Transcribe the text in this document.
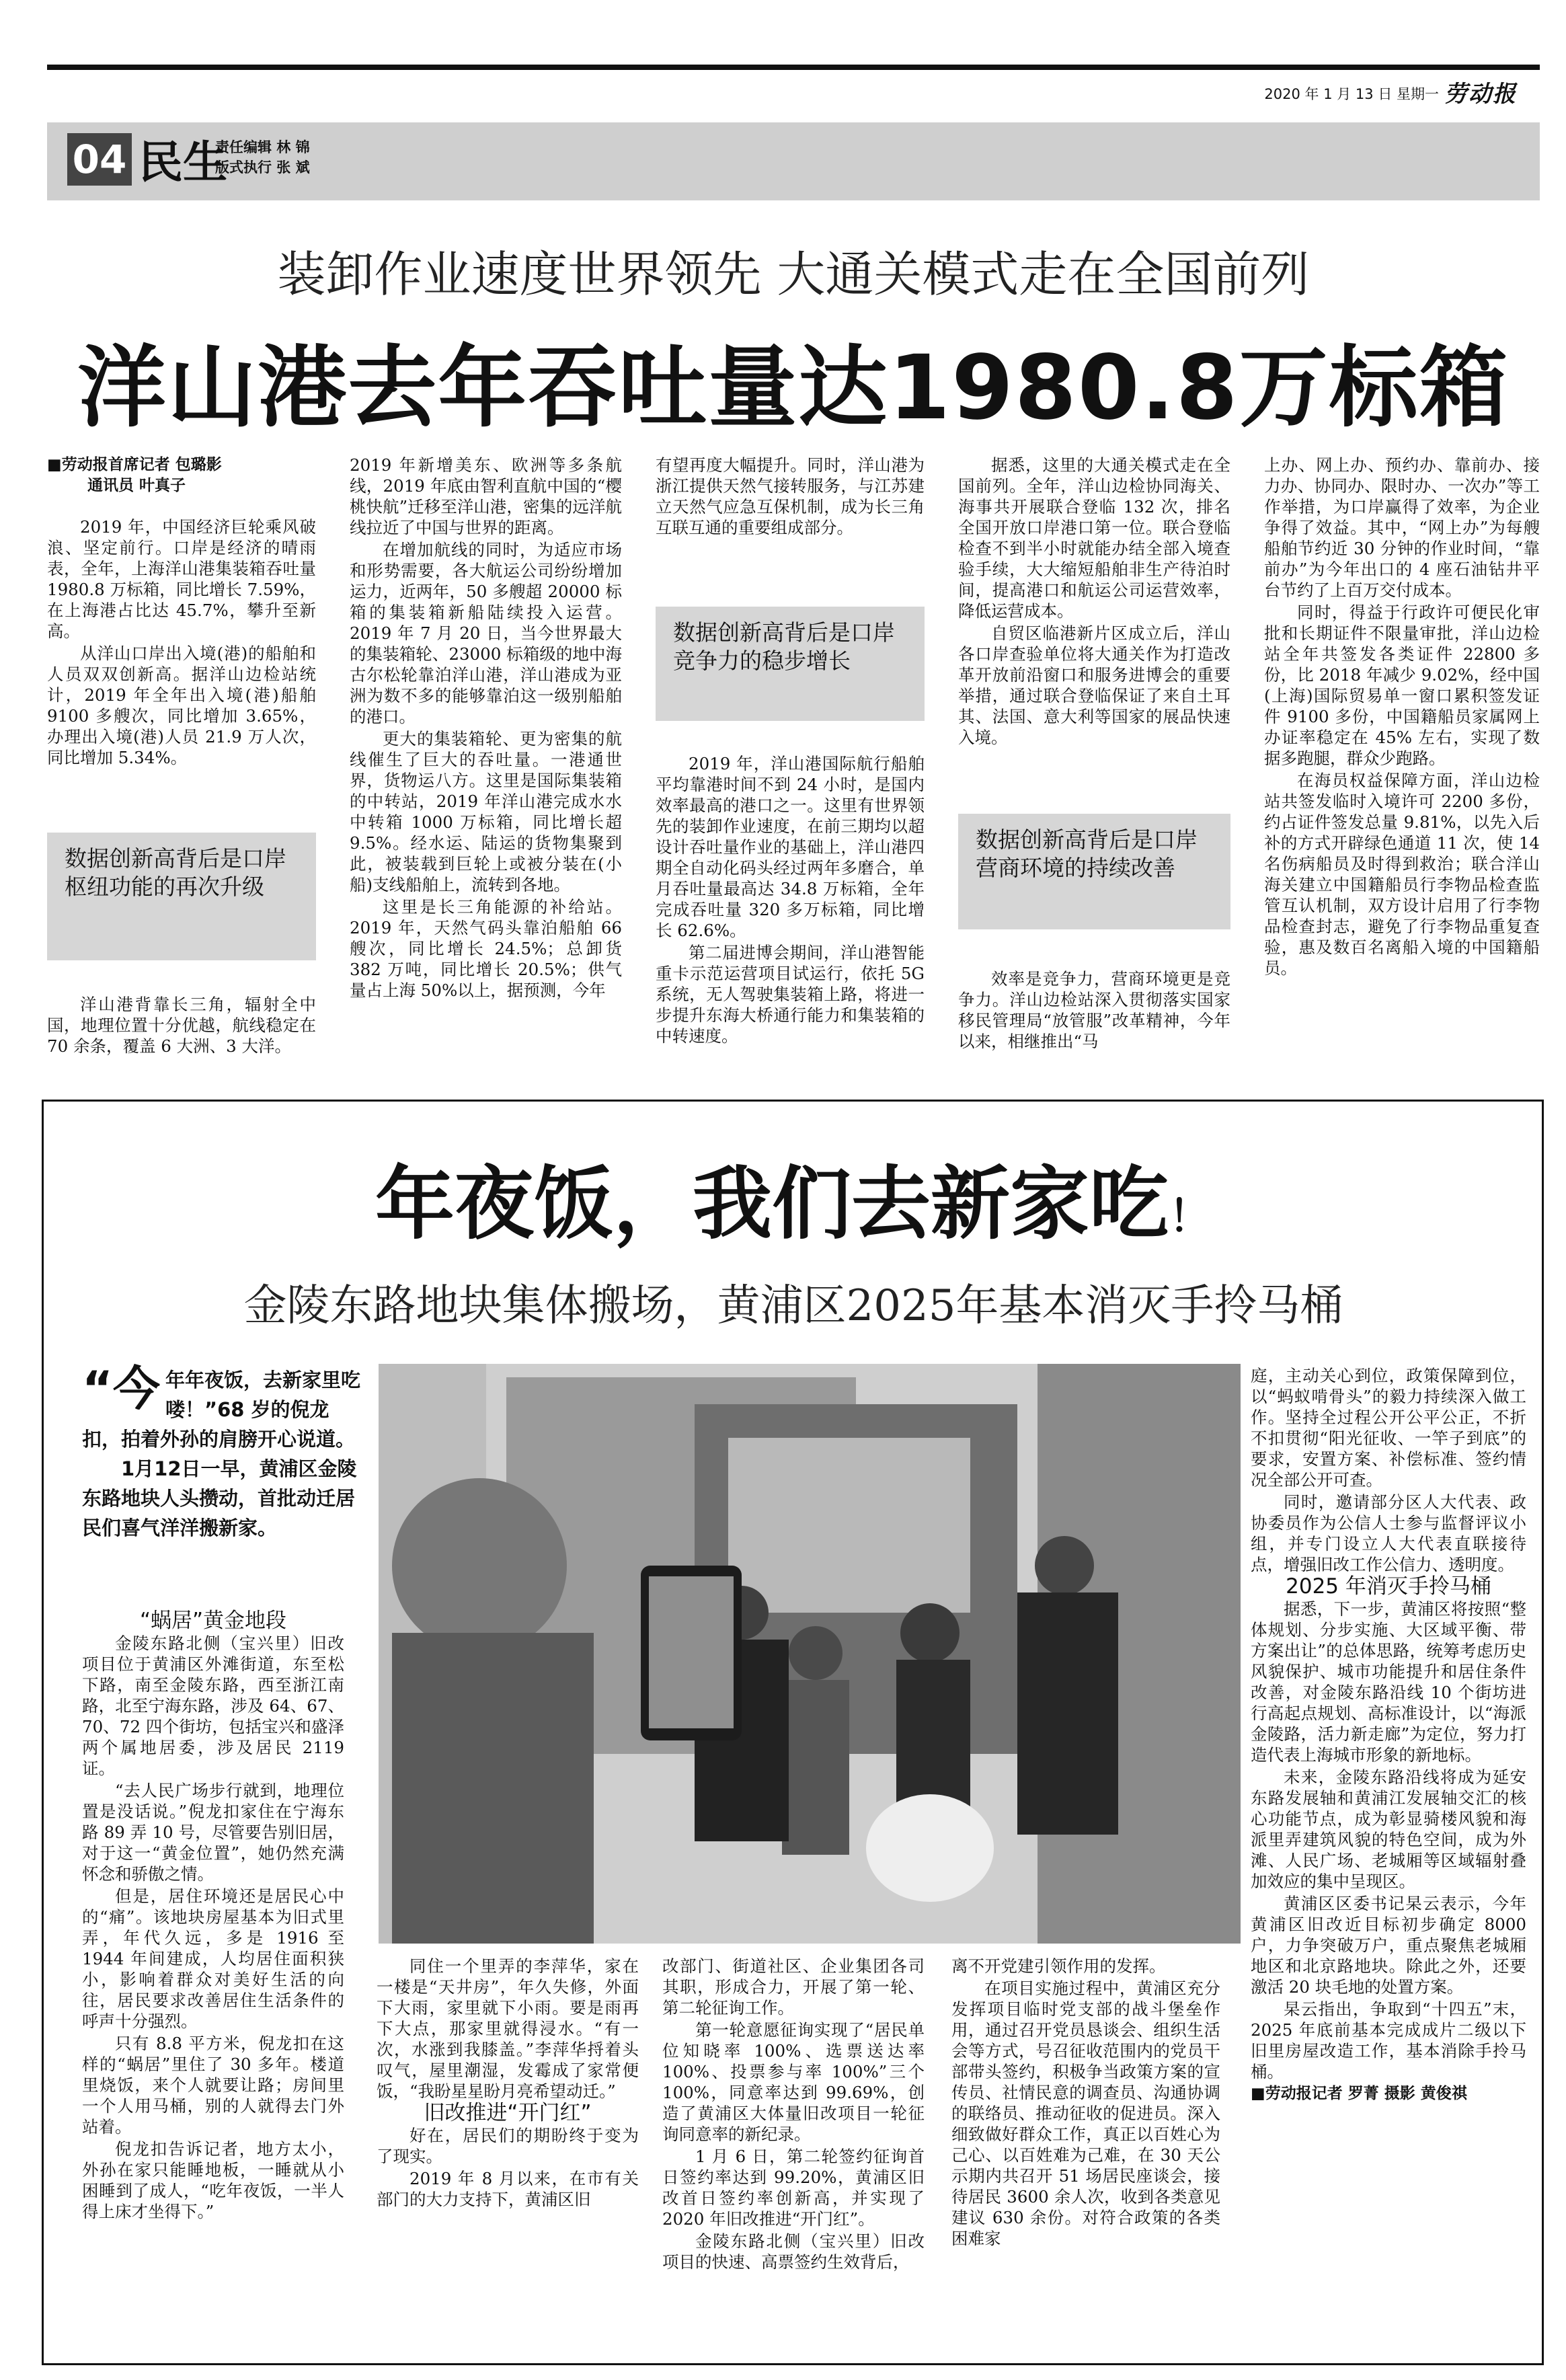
2020 年 1 月 13 日 星期一 劳动报
04 民生
责任编辑 林 锦
版式执行 张 斌
装卸作业速度世界领先 大通关模式走在全国前列
洋山港去年吞吐量达1980.8万标箱
■劳动报首席记者 包璐影
通讯员 叶真子

2019 年，中国经济巨轮乘风破浪、坚定前行。口岸是经济的晴雨表，全年，上海洋山港集装箱吞吐量 1980.8 万标箱，同比增长 7.59%，在上海港占比达 45.7%，攀升至新高。

从洋山口岸出入境(港)的船舶和人员双双创新高。据洋山边检站统计，2019 年全年出入境(港)船舶 9100 多艘次，同比增加 3.65%，办理出入境(港)人员 21.9 万人次，同比增加 5.34%。

数据创新高背后是口岸枢纽功能的再次升级

洋山港背靠长三角，辐射全中国，地理位置十分优越，航线稳定在 70 余条，覆盖 6 大洲、3 大洋。

2019 年新增美东、欧洲等多条航线，2019 年底由智利直航中国的“樱桃快航”迁移至洋山港，密集的远洋航线拉近了中国与世界的距离。

在增加航线的同时，为适应市场和形势需要，各大航运公司纷纷增加运力，近两年，50 多艘超 20000 标箱的集装箱新船陆续投入运营。2019 年 7 月 20 日，当今世界最大的集装箱轮、23000 标箱级的地中海古尔松轮靠泊洋山港，洋山港成为亚洲为数不多的能够靠泊这一级别船舶的港口。

更大的集装箱轮、更为密集的航线催生了巨大的吞吐量。一港通世界，货物运八方。这里是国际集装箱的中转站，2019 年洋山港完成水水中转箱 1000 万标箱，同比增长超 9.5%。经水运、陆运的货物集聚到此，被装载到巨轮上或被分装在(小船)支线船舶上，流转到各地。

这里是长三角能源的补给站。2019 年，天然气码头靠泊船舶 66 艘次，同比增长 24.5%；总卸货 382 万吨，同比增长 20.5%；供气量占上海 50%以上，据预测，今年

有望再度大幅提升。同时，洋山港为浙江提供天然气接转服务，与江苏建立天然气应急互保机制，成为长三角互联互通的重要组成部分。

数据创新高背后是口岸竞争力的稳步增长

2019 年，洋山港国际航行船舶平均靠港时间不到 24 小时，是国内效率最高的港口之一。这里有世界领先的装卸作业速度，在前三期均以超设计吞吐量作业的基础上，洋山港四期全自动化码头经过两年多磨合，单月吞吐量最高达 34.8 万标箱，全年完成吞吐量 320 多万标箱，同比增长 62.6%。

第二届进博会期间，洋山港智能重卡示范运营项目试运行，依托 5G 系统，无人驾驶集装箱上路，将进一步提升东海大桥通行能力和集装箱的中转速度。

据悉，这里的大通关模式走在全国前列。全年，洋山边检协同海关、海事共开展联合登临 132 次，排名全国开放口岸港口第一位。联合登临检查不到半小时就能办结全部入境查验手续，大大缩短船舶非生产待泊时间，提高港口和航运公司运营效率，降低运营成本。

自贸区临港新片区成立后，洋山各口岸查验单位将大通关作为打造改革开放前沿窗口和服务进博会的重要举措，通过联合登临保证了来自土耳其、法国、意大利等国家的展品快速入境。

数据创新高背后是口岸营商环境的持续改善

效率是竞争力，营商环境更是竞争力。洋山边检站深入贯彻落实国家移民管理局“放管服”改革精神，今年以来，相继推出“马

上办、网上办、预约办、靠前办、接力办、协同办、限时办、一次办”等工作举措，为口岸赢得了效率，为企业争得了效益。其中，“网上办”为每艘船舶节约近 30 分钟的作业时间，“靠前办”为今年出口的 4 座石油钻井平台节约了上百万交付成本。

同时，得益于行政许可便民化审批和长期证件不限量审批，洋山边检站全年共签发各类证件 22800 多份，比 2018 年减少 9.02%，经中国(上海)国际贸易单一窗口累积签发证件 9100 多份，中国籍船员家属网上办证率稳定在 45% 左右，实现了数据多跑腿，群众少跑路。

在海员权益保障方面，洋山边检站共签发临时入境许可 2200 多份，约占证件签发总量 9.81%，以先入后补的方式开辟绿色通道 11 次，使 14 名伤病船员及时得到救治；联合洋山海关建立中国籍船员行李物品检查监管互认机制，双方设计启用了行李物品检查封志，避免了行李物品重复查验，惠及数百名离船入境的中国籍船员。

年夜饭，我们去新家吃！
金陵东路地块集体搬场，黄浦区2025年基本消灭手拎马桶
“今 年年夜饭，去新家里吃喽！”68 岁的倪龙扣，拍着外孙的肩膀开心说道。
1月12日一早，黄浦区金陵东路地块人头攒动，首批动迁居民们喜气洋洋搬新家。

“蜗居”黄金地段

金陵东路北侧（宝兴里）旧改项目位于黄浦区外滩街道，东至松下路，南至金陵东路，西至浙江南路，北至宁海东路，涉及 64、67、70、72 四个街坊，包括宝兴和盛泽两个属地居委，涉及居民 2119 证。

“去人民广场步行就到，地理位置是没话说。”倪龙扣家住在宁海东路 89 弄 10 号，尽管要告别旧居，对于这一“黄金位置”，她仍然充满怀念和骄傲之情。

但是，居住环境还是居民心中的“痛”。该地块房屋基本为旧式里弄，年代久远，多是 1916 至 1944 年间建成，人均居住面积狭小，影响着群众对美好生活的向往，居民要求改善居住生活条件的呼声十分强烈。

只有 8.8 平方米，倪龙扣在这样的“蜗居”里住了 30 多年。楼道里烧饭，来个人就要让路；房间里一个人用马桶，别的人就得去门外站着。

倪龙扣告诉记者，地方太小，外孙在家只能睡地板，一睡就从小困睡到了成人，“吃年夜饭，一半人得上床才坐得下。”

同住一个里弄的李萍华，家在一楼是“天井房”，年久失修，外面下大雨，家里就下小雨。要是雨再下大点，那家里就得浸水。“有一次，水涨到我膝盖。”李萍华捋着头叹气，屋里潮湿，发霉成了家常便饭，“我盼星星盼月亮希望动迁。”

旧改推进“开门红”

好在，居民们的期盼终于变为了现实。

2019 年 8 月以来，在市有关部门的大力支持下，黄浦区旧

改部门、街道社区、企业集团各司其职，形成合力，开展了第一轮、第二轮征询工作。

第一轮意愿征询实现了“居民单位知晓率 100%、选票送达率 100%、投票参与率 100%”三个 100%，同意率达到 99.69%，创造了黄浦区大体量旧改项目一轮征询同意率的新纪录。

1 月 6 日，第二轮签约征询首日签约率达到 99.20%，黄浦区旧改首日签约率创新高，并实现了 2020 年旧改推进“开门红”。

金陵东路北侧（宝兴里）旧改项目的快速、高票签约生效背后，

离不开党建引领作用的发挥。

在项目实施过程中，黄浦区充分发挥项目临时党支部的战斗堡垒作用，通过召开党员恳谈会、组织生活会等方式，号召征收范围内的党员干部带头签约，积极争当政策方案的宣传员、社情民意的调查员、沟通协调的联络员、推动征收的促进员。深入细致做好群众工作，真正以百姓心为己心、以百姓难为己难，在 30 天公示期内共召开 51 场居民座谈会，接待居民 3600 余人次，收到各类意见建议 630 余份。对符合政策的各类困难家

庭，主动关心到位，政策保障到位，以“蚂蚁啃骨头”的毅力持续深入做工作。坚持全过程公开公平公正，不折不扣贯彻“阳光征收、一竿子到底”的要求，安置方案、补偿标准、签约情况全部公开可查。

同时，邀请部分区人大代表、政协委员作为公信人士参与监督评议小组，并专门设立人大代表直联接待点，增强旧改工作公信力、透明度。

2025 年消灭手拎马桶

据悉，下一步，黄浦区将按照“整体规划、分步实施、大区域平衡、带方案出让”的总体思路，统筹考虑历史风貌保护、城市功能提升和居住条件改善，对金陵东路沿线 10 个街坊进行高起点规划、高标准设计，以“海派金陵路，活力新走廊”为定位，努力打造代表上海城市形象的新地标。

未来，金陵东路沿线将成为延安东路发展轴和黄浦江发展轴交汇的核心功能节点，成为彰显骑楼风貌和海派里弄建筑风貌的特色空间，成为外滩、人民广场、老城厢等区域辐射叠加效应的集中呈现区。

黄浦区区委书记杲云表示，今年黄浦区旧改近目标初步确定 8000 户，力争突破万户，重点聚焦老城厢地区和北京路地块。除此之外，还要激活 20 块毛地的处置方案。

杲云指出，争取到“十四五”末，2025 年底前基本完成成片二级以下旧里房屋改造工作，基本消除手拎马桶。

■劳动报记者 罗菁 摄影 黄俊祺
